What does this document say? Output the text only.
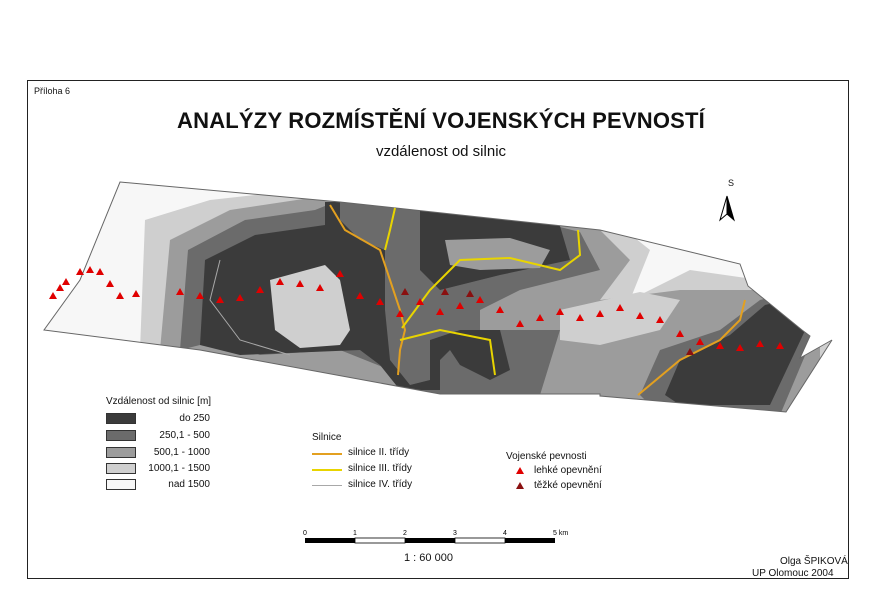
Příloha 6
ANALÝZY ROZMÍSTĚNÍ VOJENSKÝCH PEVNOSTÍ
vzdálenost od silnic
S
Vzdálenost od silnic [m]
do 250
250,1 - 500
500,1 - 1000
1000,1 - 1500
nad 1500
Silnice
silnice II. třídy
silnice III. třídy
silnice IV. třídy
Vojenské pevnosti
lehké opevnění
těžké opevnění
0	1	2	3	4	5 km
1 : 60 000	Olga ŠPIKOVÁ
UP Olomouc 2004
